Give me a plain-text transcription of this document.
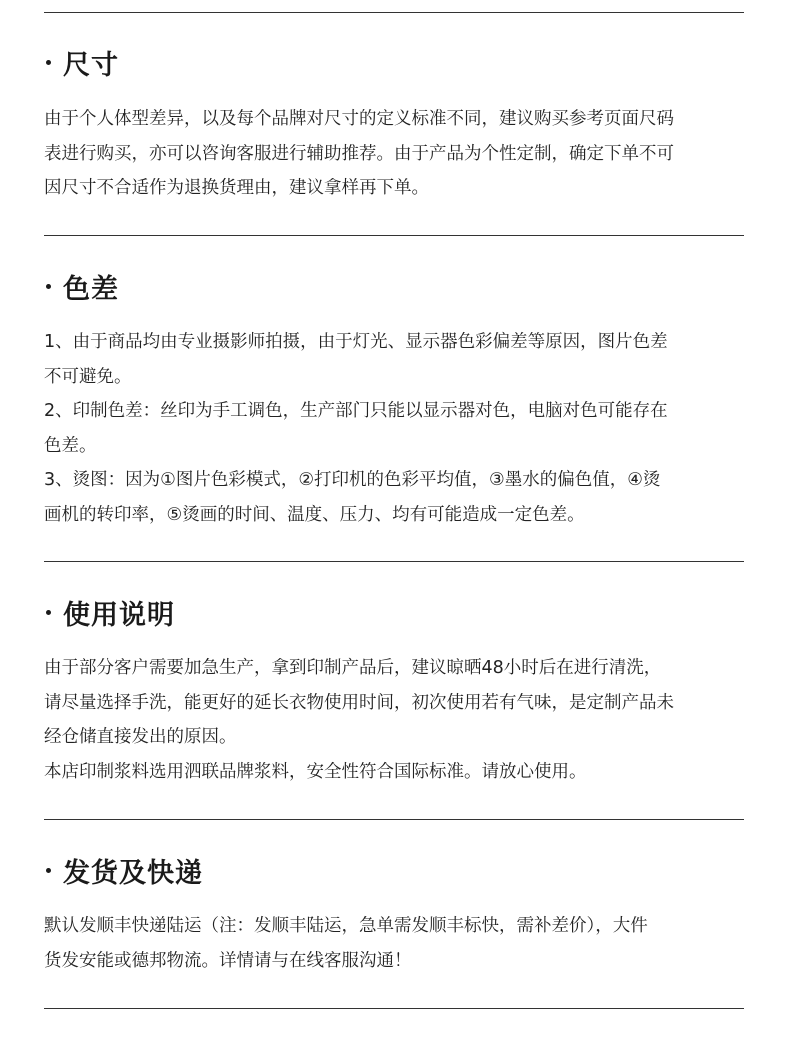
尺寸
由于个人体型差异，以及每个品牌对尺寸的定义标准不同，建议购买参考页面尺码
表进行购买，亦可以咨询客服进行辅助推荐。由于产品为个性定制，确定下单不可
因尺寸不合适作为退换货理由，建议拿样再下单。
色差
1、由于商品均由专业摄影师拍摄，由于灯光、显示器色彩偏差等原因，图片色差
不可避免。
2、印制色差：丝印为手工调色，生产部门只能以显示器对色，电脑对色可能存在
色差。
3、烫图：因为①图片色彩模式，②打印机的色彩平均值，③墨水的偏色值，④烫
画机的转印率，⑤烫画的时间、温度、压力、均有可能造成一定色差。
使用说明
由于部分客户需要加急生产，拿到印制产品后，建议晾晒48小时后在进行清洗，
请尽量选择手洗，能更好的延长衣物使用时间，初次使用若有气味，是定制产品未
经仓储直接发出的原因。
本店印制浆料选用泗联品牌浆料，安全性符合国际标准。请放心使用。
发货及快递
默认发顺丰快递陆运（注：发顺丰陆运，急单需发顺丰标快，需补差价），大件
货发安能或德邦物流。详情请与在线客服沟通！
